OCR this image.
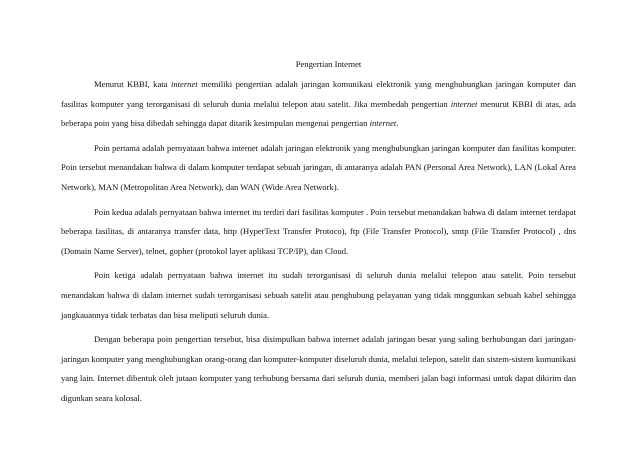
Pengertian Internet

Menurut KBBI, kata internet memiliki pengertian adalah jaringan komunikasi elektronik yang menghubungkan jaringan komputer dan fasilitas komputer yang terorganisasi di seluruh dunia melalui telepon atau satelit. Jika membedah pengertian internet menurut KBBI di atas, ada beberapa poin yang bisa dibedah sehingga dapat ditarik kesimpulan mengenai pengertian internet.

Poin pertama adalah pernyataan bahwa internet adalah jaringan elektronik yang menghubungkan jaringan komputer dan fasilitas komputer. Poin tersebut menandakan bahwa di dalam komputer terdapat sebuah jaringan, di antaranya adalah PAN (Personal Area Network), LAN (Lokal Area Network), MAN (Metropolitan Area Network), dan WAN (Wide Area Network).

Poin kedua adalah pernyataan bahwa internet itu terdiri dari fasilitas komputer . Poin tersebut menandakan bahwa di dalam internet terdapat beberapa fasilitas, di antaranya transfer data, http (HyperText Transfer Protoco), ftp (File Transfer Protocol), smtp (File Transfer Protocol) , dns (Domain Name Server), telnet, gopher (protokol layer aplikasi TCP/IP), dan Cloud.

Poin ketiga adalah pernyataan bahwa internet itu sudah terorganisasi di seluruh dunia melalui telepon atau satelit. Poin tersebut menandakan bahwa di dalam internet sudah terorganisasi sebuah satelit atau penghubung pelayanan yang tidak mnggunkan sebuah kabel sehingga jangkauannya tidak terbatas dan bisa meliputi seluruh dunia.

Dengan beberapa poin pengertian tersebut, bisa disimpulkan bahwa internet adalah jaringan besar yang saling berhubungan dari jaringan-jaringan komputer yang menghubungkan orang-orang dan komputer-komputer diseluruh dunia, melalui telepon, satelit dan sistem-sistem komunikasi yang lain. Internet dibentuk oleh jutaan komputer yang terhubung bersama dari seluruh dunia, memberi jalan bagi informasi untuk dapat dikirim dan digunkan seara kolosal.
